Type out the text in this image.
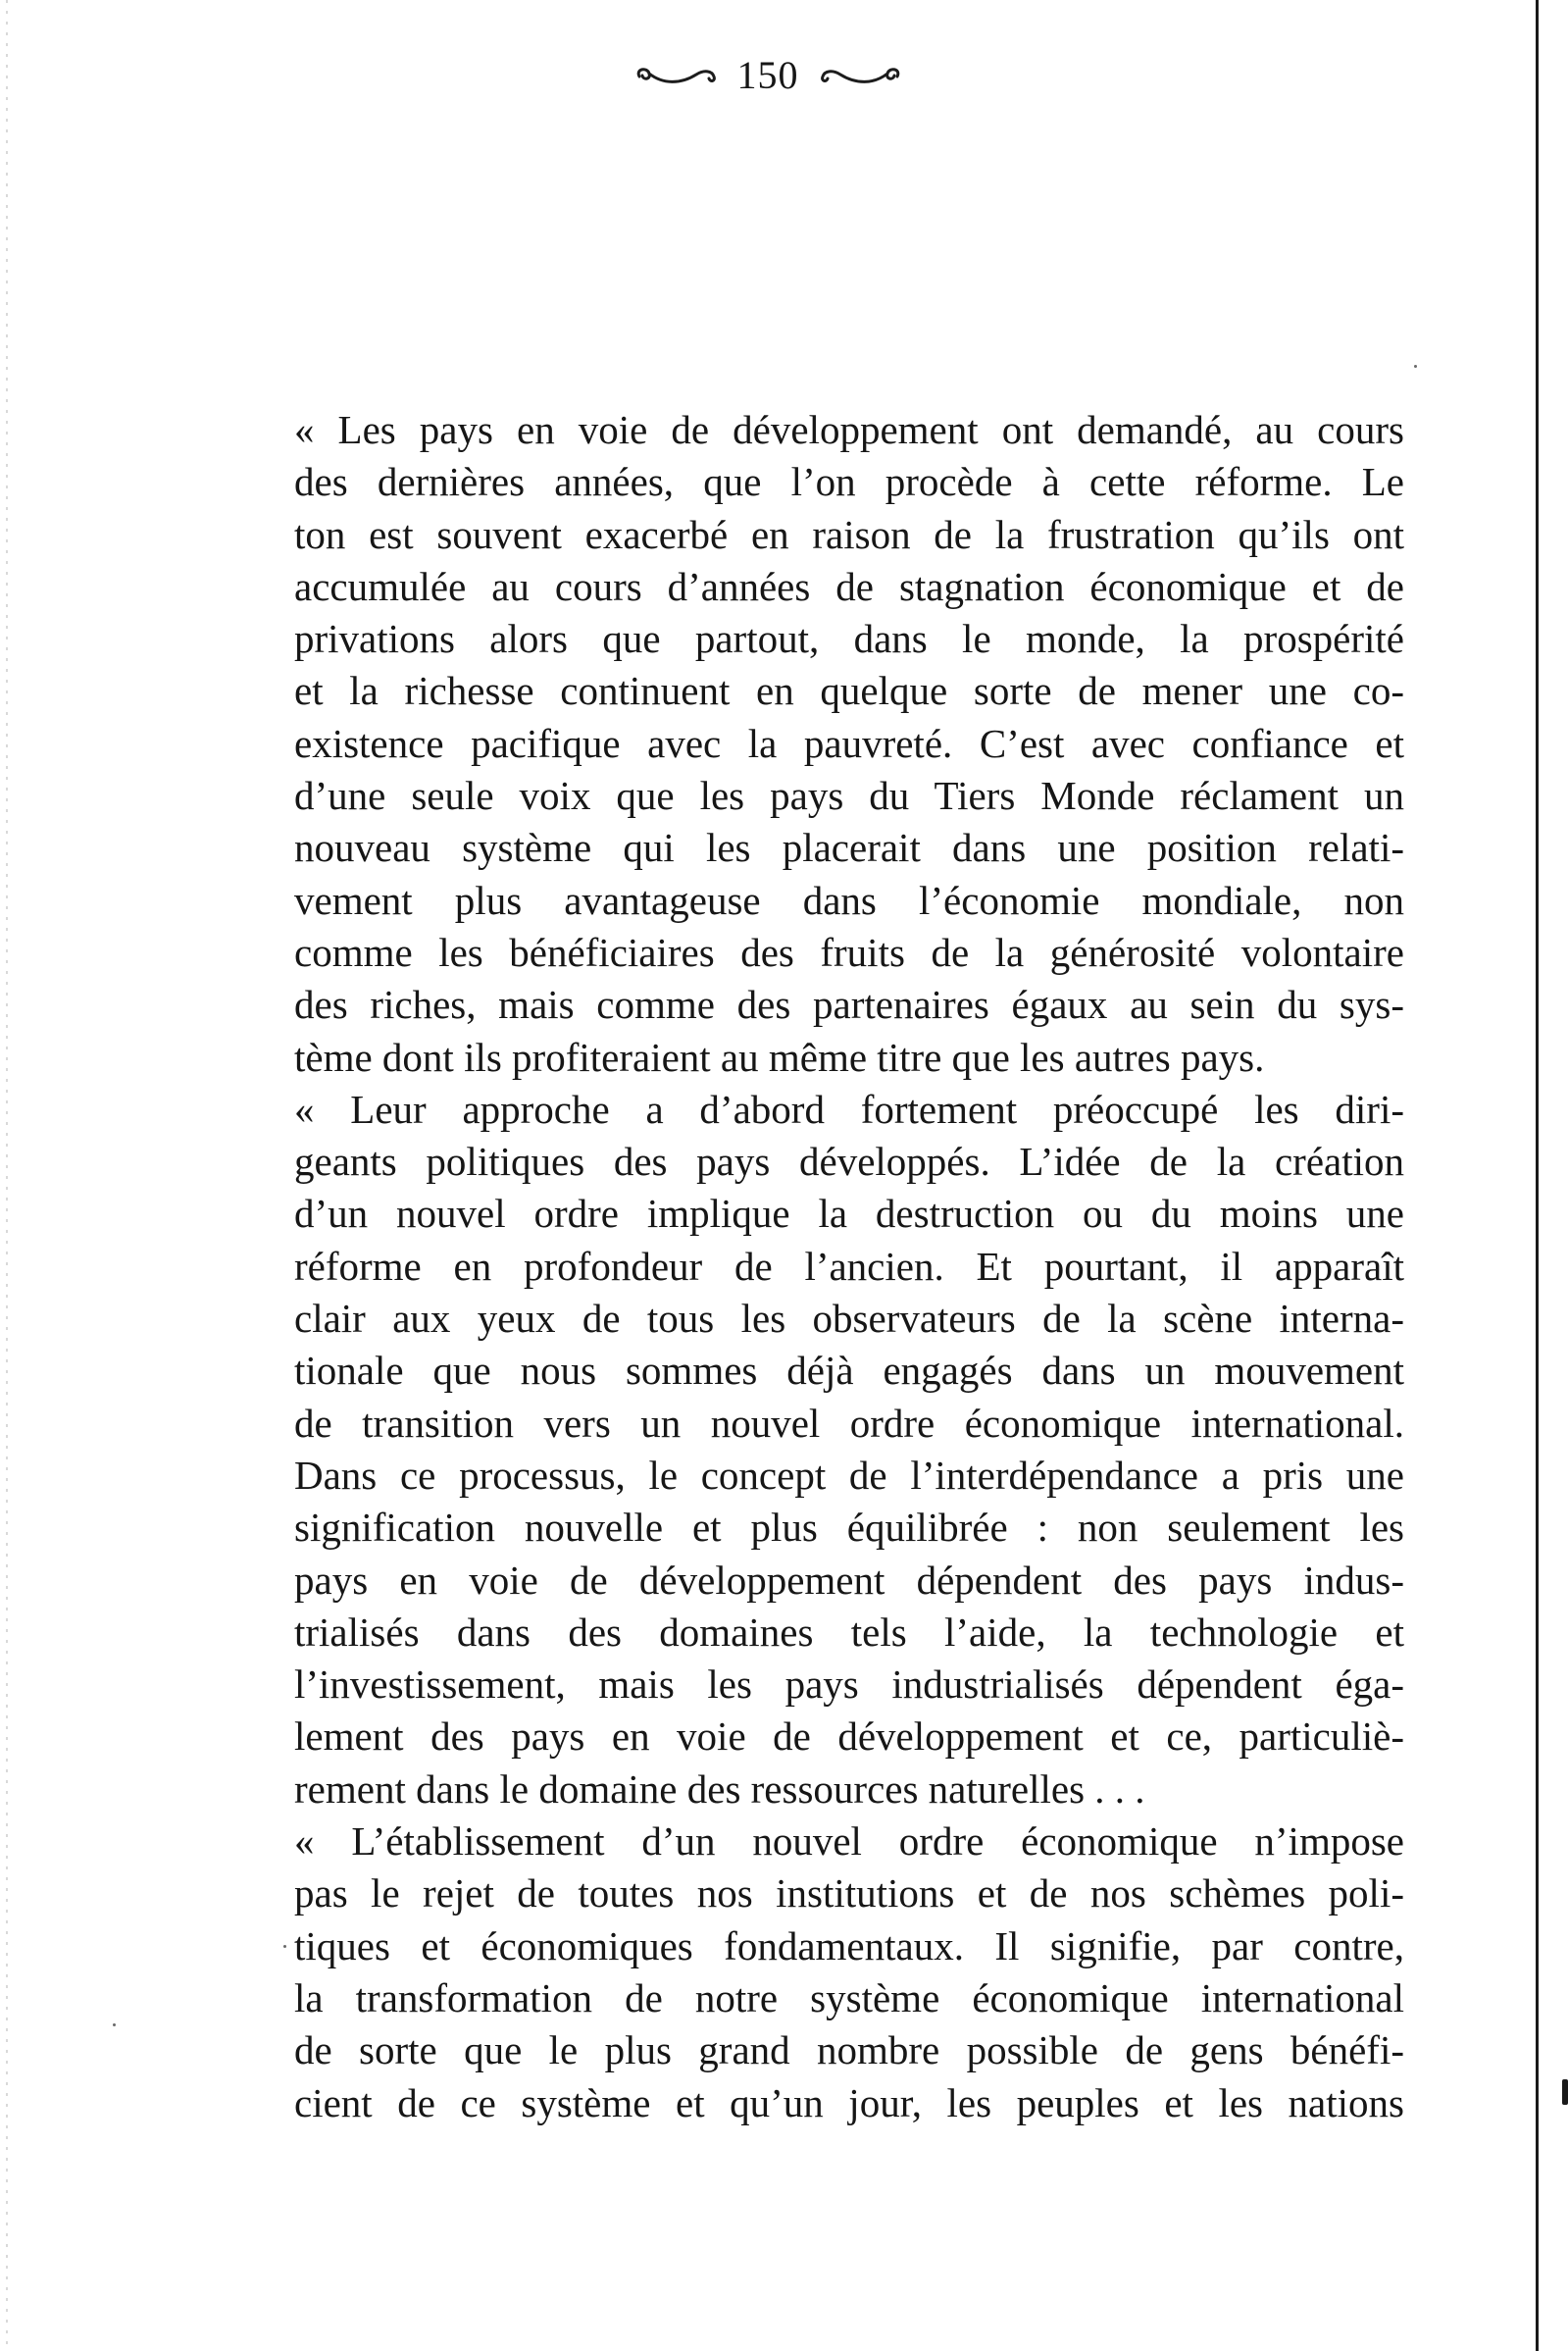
150
« Les pays en voie de développement ont demandé, au cours
des dernières années, que l’on procède à cette réforme. Le
ton est souvent exacerbé en raison de la frustration qu’ils ont
accumulée au cours d’années de stagnation économique et de
privations alors que partout, dans le monde, la prospérité
et la richesse continuent en quelque sorte de mener une co-
existence pacifique avec la pauvreté. C’est avec confiance et
d’une seule voix que les pays du Tiers Monde réclament un
nouveau système qui les placerait dans une position relati-
vement plus avantageuse dans l’économie mondiale, non
comme les bénéficiaires des fruits de la générosité volontaire
des riches, mais comme des partenaires égaux au sein du sys-
tème dont ils profiteraient au même titre que les autres pays.
« Leur approche a d’abord fortement préoccupé les diri-
geants politiques des pays développés. L’idée de la création
d’un nouvel ordre implique la destruction ou du moins une
réforme en profondeur de l’ancien. Et pourtant, il apparaît
clair aux yeux de tous les observateurs de la scène interna-
tionale que nous sommes déjà engagés dans un mouvement
de transition vers un nouvel ordre économique international.
Dans ce processus, le concept de l’interdépendance a pris une
signification nouvelle et plus équilibrée : non seulement les
pays en voie de développement dépendent des pays indus-
trialisés dans des domaines tels l’aide, la technologie et
l’investissement, mais les pays industrialisés dépendent éga-
lement des pays en voie de développement et ce, particuliè-
rement dans le domaine des ressources naturelles . . .
« L’établissement d’un nouvel ordre économique n’impose
pas le rejet de toutes nos institutions et de nos schèmes poli-
tiques et économiques fondamentaux. Il signifie, par contre,
la transformation de notre système économique international
de sorte que le plus grand nombre possible de gens bénéfi-
cient de ce système et qu’un jour, les peuples et les nations
